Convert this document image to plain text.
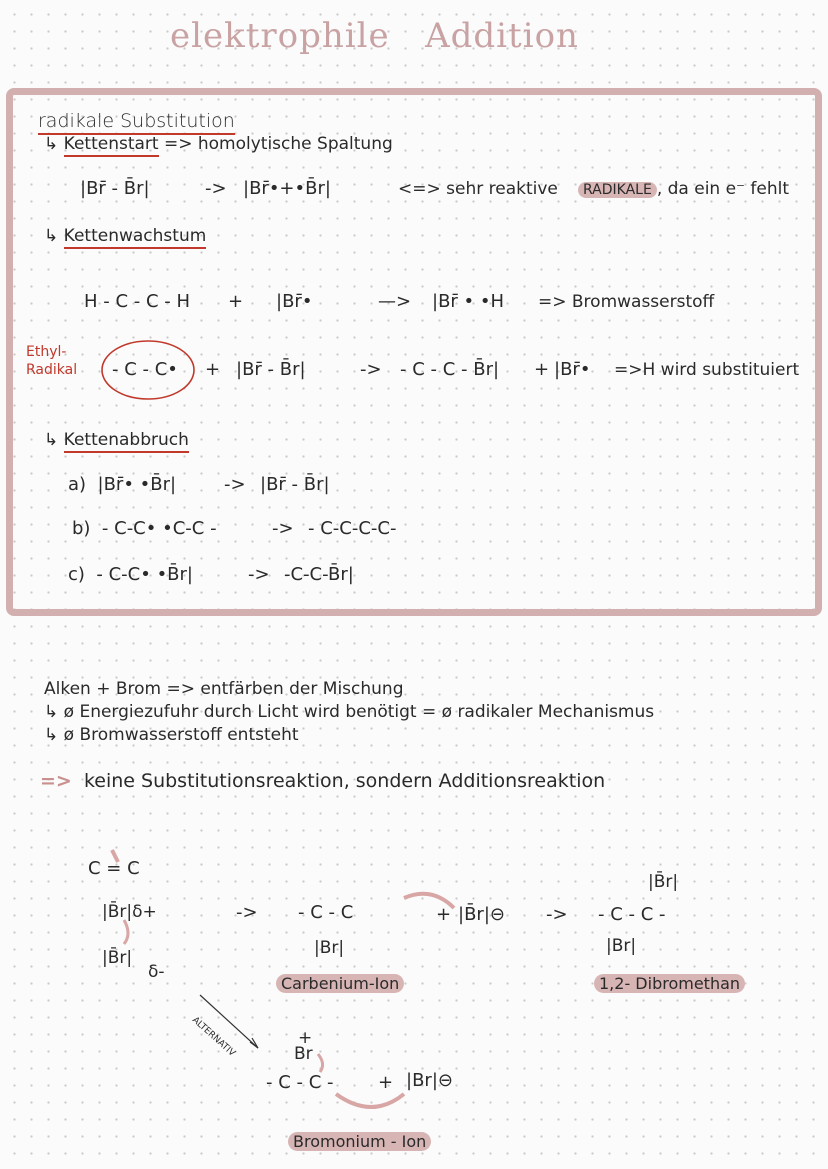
elektrophile Addition
radikale Substitution
↳ Kettenstart => homolytische Spaltung
|Br̄ - B̄r|	-> |Br̄•+•B̄r|	<=> sehr reaktive	RADIKALE , da ein e⁻ fehlt
↳ Kettenwachstum
H - C - C - H + |Br̄•	—> |Br̄ • •H => Bromwasserstoff
Ethyl-
Radikal - C - C• + |Br̄ - B̄r|	-> - C - C - B̄r| + |Br̄• =>H wird substituiert
↳ Kettenabbruch
a) |Br̄• •B̄r|	-> |Br̄ - B̄r|
b) - C-C• •C-C -	-> - C-C-C-C-
c) - C-C• •B̄r|	-> -C-C-B̄r|
Alken + Brom => entfärben der Mischung
↳ ø Energiezufuhr durch Licht wird benötigt = ø radikaler Mechanismus
↳ ø Bromwasserstoff entsteht
=> keine Substitutionsreaktion, sondern Additionsreaktion
C = C
|B̄r|δ+
|B̄r|
δ-
-> - C - C
|Br|
+ |B̄r|⊖ ->
|B̄r|
- C - C -
|Br|
Carbenium-Ion	1,2- Dibromethan
ALTERNATIV	+
Br
- C - C - + |Br|⊖
Bromonium - Ion
